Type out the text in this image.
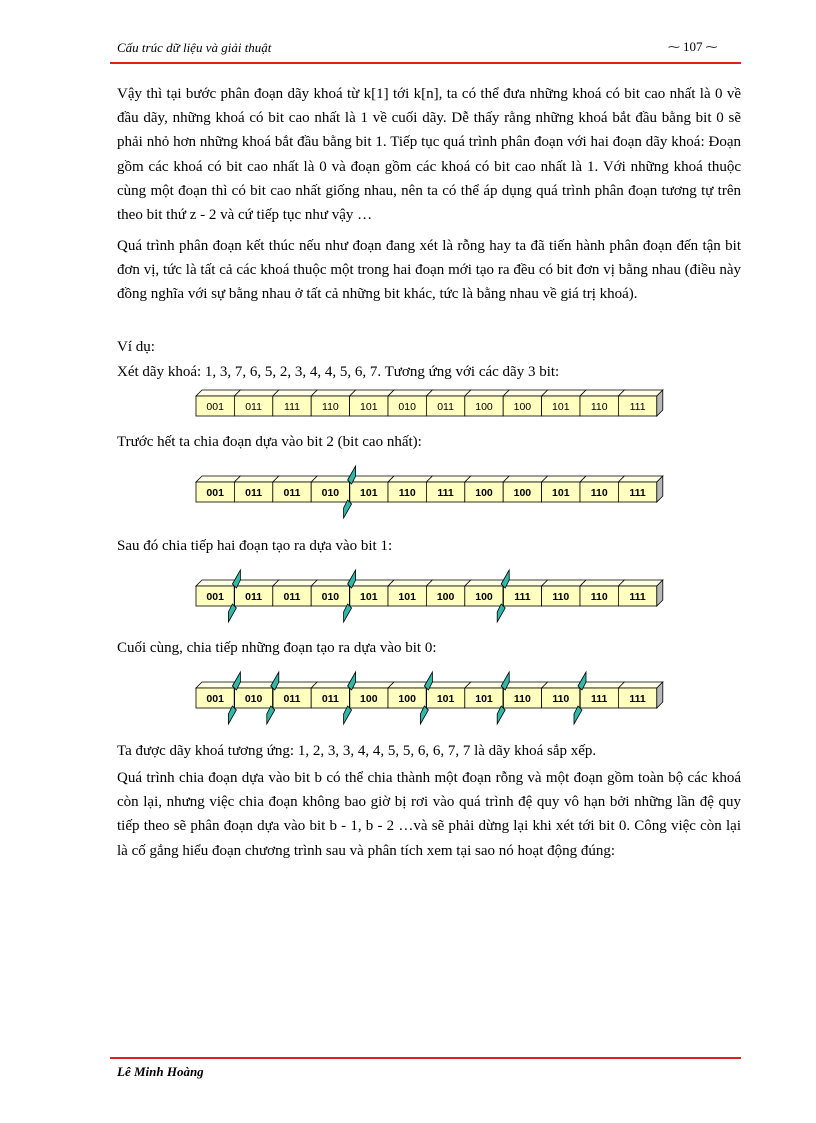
Cấu trúc dữ liệu và giải thuật	⁓ 107 ⁓

Vậy thì tại bước phân đoạn dãy khoá từ k[1] tới k[n], ta có thể đưa những khoá có bit cao nhất là 0 về đầu dãy, những khoá có bit cao nhất là 1 về cuối dãy. Dễ thấy rằng những khoá bắt đầu bằng bit 0 sẽ phải nhỏ hơn những khoá bắt đầu bằng bit 1. Tiếp tục quá trình phân đoạn với hai đoạn dãy khoá: Đoạn gồm các khoá có bit cao nhất là 0 và đoạn gồm các khoá có bit cao nhất là 1. Với những khoá thuộc cùng một đoạn thì có bit cao nhất giống nhau, nên ta có thể áp dụng quá trình phân đoạn tương tự trên theo bit thứ z - 2 và cứ tiếp tục như vậy …

Quá trình phân đoạn kết thúc nếu như đoạn đang xét là rỗng hay ta đã tiến hành phân đoạn đến tận bit đơn vị, tức là tất cả các khoá thuộc một trong hai đoạn mới tạo ra đều có bit đơn vị bằng nhau (điều này đồng nghĩa với sự bằng nhau ở tất cả những bit khác, tức là bằng nhau về giá trị khoá).

Ví dụ:

Xét dãy khoá: 1, 3, 7, 6, 5, 2, 3, 4, 4, 5, 6, 7. Tương ứng với các dãy 3 bit:

001 011 111 110 101 010 011 100 100 101 110 111

Trước hết ta chia đoạn dựa vào bit 2 (bit cao nhất):

001 011 011 010 101 110 111 100 100 101 110 111

Sau đó chia tiếp hai đoạn tạo ra dựa vào bit 1:

001 011 011 010 101 101 100 100 111 110 110 111

Cuối cùng, chia tiếp những đoạn tạo ra dựa vào bit 0:

001 010 011 011 100 100 101 101 110 110 111 111

Ta được dãy khoá tương ứng: 1, 2, 3, 3, 4, 4, 5, 5, 6, 6, 7, 7 là dãy khoá sắp xếp.

Quá trình chia đoạn dựa vào bit b có thể chia thành một đoạn rỗng và một đoạn gồm toàn bộ các khoá còn lại, nhưng việc chia đoạn không bao giờ bị rơi vào quá trình đệ quy vô hạn bởi những lần đệ quy tiếp theo sẽ phân đoạn dựa vào bit b - 1, b - 2 …và sẽ phải dừng lại khi xét tới bit 0. Công việc còn lại là cố gắng hiểu đoạn chương trình sau và phân tích xem tại sao nó hoạt động đúng:

Lê Minh Hoàng
